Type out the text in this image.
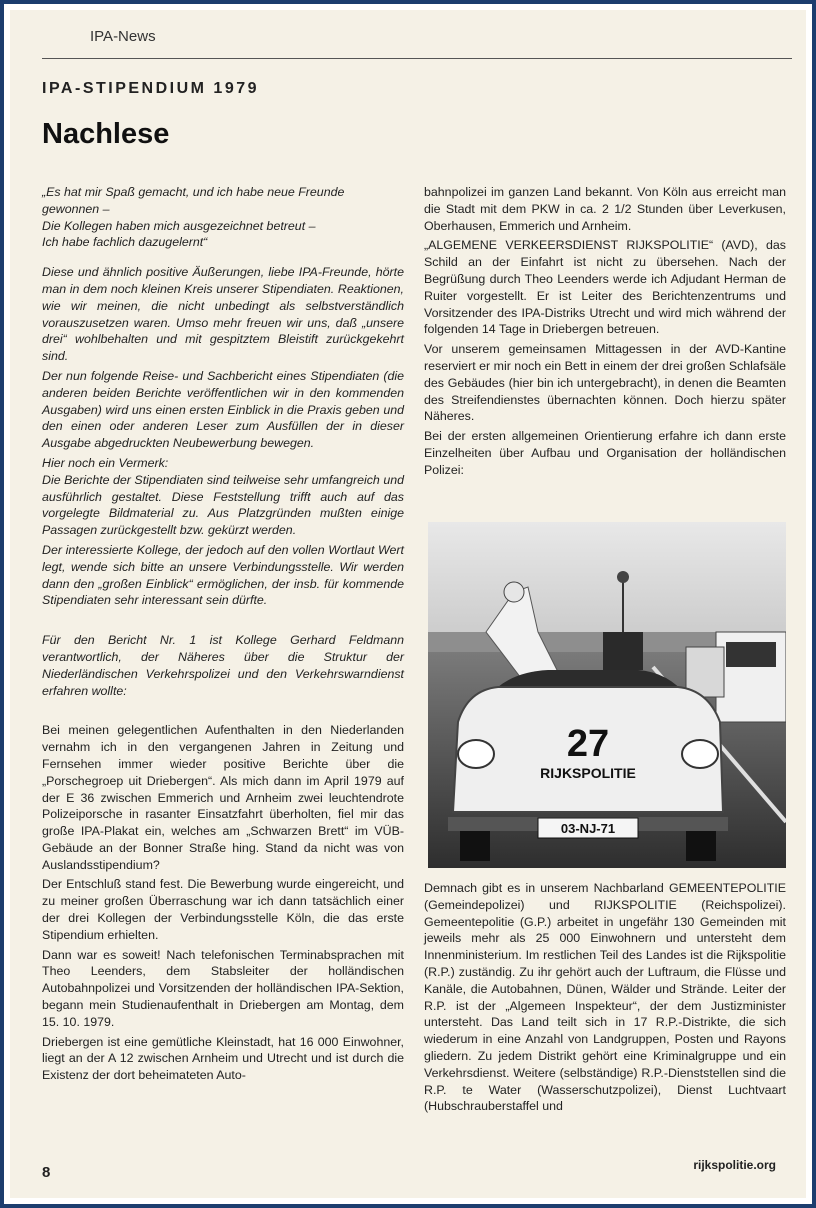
IPA-News
IPA-STIPENDIUM 1979
Nachlese

„Es hat mir Spaß gemacht, und ich habe neue Freunde gewonnen –

Die Kollegen haben mich ausgezeichnet betreut –

Ich habe fachlich dazugelernt“

Diese und ähnlich positive Äußerungen, liebe IPA-Freunde, hörte man in dem noch kleinen Kreis unserer Stipendiaten. Reaktionen, wie wir meinen, die nicht unbedingt als selbstverständlich vorauszusetzen waren. Umso mehr freuen wir uns, daß „unsere drei“ wohlbehalten und mit gespitztem Bleistift zurückgekehrt sind.

Der nun folgende Reise- und Sachbericht eines Stipendiaten (die anderen beiden Berichte veröffentlichen wir in den kommenden Ausgaben) wird uns einen ersten Einblick in die Praxis geben und den einen oder anderen Leser zum Ausfüllen der in dieser Ausgabe abgedruckten Neubewerbung bewegen.

Hier noch ein Vermerk:

Die Berichte der Stipendiaten sind teilweise sehr umfangreich und ausführlich gestaltet. Diese Feststellung trifft auch auf das vorgelegte Bildmaterial zu. Aus Platzgründen mußten einige Passagen zurückgestellt bzw. gekürzt werden.

Der interessierte Kollege, der jedoch auf den vollen Wortlaut Wert legt, wende sich bitte an unsere Verbindungsstelle. Wir werden dann den „großen Einblick“ ermöglichen, der insb. für kommende Stipendiaten sehr interessant sein dürfte.

Für den Bericht Nr. 1 ist Kollege Gerhard Feldmann verantwortlich, der Näheres über die Struktur der Niederländischen Verkehrspolizei und den Verkehrswarndienst erfahren wollte:

Bei meinen gelegentlichen Aufenthalten in den Niederlanden vernahm ich in den vergangenen Jahren in Zeitung und Fernsehen immer wieder positive Berichte über die „Porschegroep uit Driebergen“. Als mich dann im April 1979 auf der E 36 zwischen Emmerich und Arnheim zwei leuchtendrote Polizeiporsche in rasanter Einsatzfahrt überholten, fiel mir das große IPA-Plakat ein, welches am „Schwarzen Brett“ im VÜB-Gebäude an der Bonner Straße hing. Stand da nicht was von Auslandsstipendium?

Der Entschluß stand fest. Die Bewerbung wurde eingereicht, und zu meiner großen Überraschung war ich dann tatsächlich einer der drei Kollegen der Verbindungsstelle Köln, die das erste Stipendium erhielten.

Dann war es soweit! Nach telefonischen Terminabsprachen mit Theo Leenders, dem Stabsleiter der holländischen Autobahnpolizei und Vorsitzenden der holländischen IPA-Sektion, begann mein Studienaufenthalt in Driebergen am Montag, dem 15. 10. 1979.

Driebergen ist eine gemütliche Kleinstadt, hat 16 000 Einwohner, liegt an der A 12 zwischen Arnheim und Utrecht und ist durch die Existenz der dort beheimateten Auto-

bahnpolizei im ganzen Land bekannt. Von Köln aus erreicht man die Stadt mit dem PKW in ca. 2 1/2 Stunden über Leverkusen, Oberhausen, Emmerich und Arnheim.

„ALGEMENE VERKEERSDIENST RIJKSPOLITIE“ (AVD), das Schild an der Einfahrt ist nicht zu übersehen. Nach der Begrüßung durch Theo Leenders werde ich Adjudant Herman de Ruiter vorgestellt. Er ist Leiter des Berichtenzentrums und Vorsitzender des IPA-Distriks Utrecht und wird mich während der folgenden 14 Tage in Driebergen betreuen.

Vor unserem gemeinsamen Mittagessen in der AVD-Kantine reserviert er mir noch ein Bett in einem der drei großen Schlafsäle des Gebäudes (hier bin ich untergebracht), in denen die Beamten des Streifendienstes übernachten können. Doch hierzu später Näheres.

Bei der ersten allgemeinen Orientierung erfahre ich dann erste Einzelheiten über Aufbau und Organisation der holländischen Polizei:

27
RIJKSPOLITIE
03-NJ-71

Demnach gibt es in unserem Nachbarland GEMEENTEPOLITIE (Gemeindepolizei) und RIJKSPOLITIE (Reichspolizei). Gemeentepolitie (G.P.) arbeitet in ungefähr 130 Gemeinden mit jeweils mehr als 25 000 Einwohnern und untersteht dem Innenministerium. Im restlichen Teil des Landes ist die Rijkspolitie (R.P.) zuständig. Zu ihr gehört auch der Luftraum, die Flüsse und Kanäle, die Autobahnen, Dünen, Wälder und Strände. Leiter der R.P. ist der „Algemeen Inspekteur“, der dem Justizminister untersteht. Das Land teilt sich in 17 R.P.-Distrikte, die sich wiederum in eine Anzahl von Landgruppen, Posten und Rayons gliedern. Zu jedem Distrikt gehört eine Kriminalgruppe und ein Verkehrsdienst. Weitere (selbständige) R.P.-Dienststellen sind die R.P. te Water (Wasserschutzpolizei), Dienst Luchtvaart (Hubschrauberstaffel und

8	rijkspolitie.org
